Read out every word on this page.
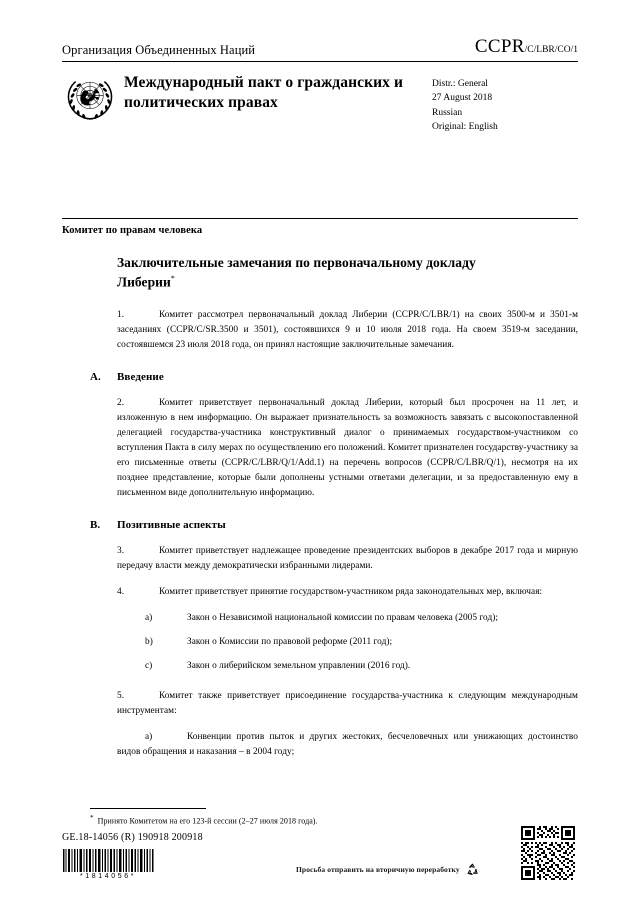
Организация Объединенных Наций	CCPR /C/LBR/CO/1
Международный пакт о гражданских и политических правах
Distr.: General
27 August 2018
Russian
Original: English
Комитет по правам человека
Заключительные замечания по первоначальному докладу Либерии*
1.	Комитет рассмотрел первоначальный доклад Либерии (CCPR/C/LBR/1) на своих 3500-м и 3501-м заседаниях (CCPR/C/SR.3500 и 3501), состоявшихся 9 и 10 июля 2018 года. На своем 3519-м заседании, состоявшемся 23 июля 2018 года, он принял настоящие заключительные замечания.
A. Введение
2.	Комитет приветствует первоначальный доклад Либерии, который был просрочен на 11 лет, и изложенную в нем информацию. Он выражает признательность за возможность завязать с высокопоставленной делегацией государства-участника конструктивный диалог о принимаемых государством-участником со вступления Пакта в силу мерах по осуществлению его положений. Комитет признателен государству-участнику за его письменные ответы (CCPR/C/LBR/Q/1/Add.1) на перечень вопросов (CCPR/C/LBR/Q/1), несмотря на их позднее представление, которые были дополнены устными ответами делегации, и за предоставленную ему в письменном виде дополнительную информацию.
B. Позитивные аспекты
3.	Комитет приветствует надлежащее проведение президентских выборов в декабре 2017 года и мирную передачу власти между демократически избранными лидерами.
4.	Комитет приветствует принятие государством-участником ряда законодательных мер, включая:
a)	Закон о Независимой национальной комиссии по правам человека (2005 год);
b)	Закон о Комиссии по правовой реформе (2011 год);
c)	Закон о либерийском земельном управлении (2016 год).
5.	Комитет также приветствует присоединение государства-участника к следующим международным инструментам:
a)	Конвенции против пыток и других жестоких, бесчеловечных или унижающих достоинство видов обращения и наказания – в 2004 году;
* Принято Комитетом на его 123-й сессии (2–27 июля 2018 года).
GE.18-14056 (R) 190918 200918
*1814056*
Просьба отправить на вторичную переработку
